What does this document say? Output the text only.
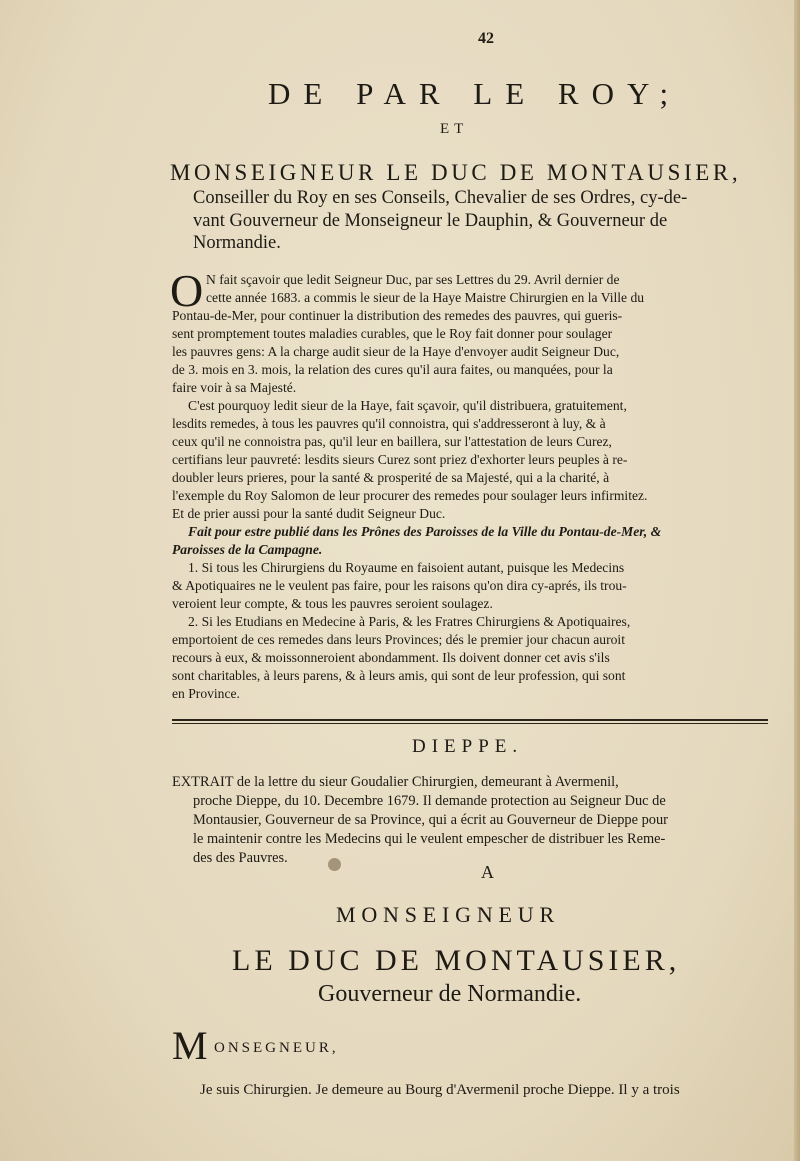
42
DE PAR LE ROY;
ET
MONSEIGNEUR LE DUC DE MONTAUSIER,
Conseiller du Roy en ses Conseils, Chevalier de ses Ordres, cy-de-
vant Gouverneur de Monseigneur le Dauphin, & Gouverneur de
Normandie.
O N fait sçavoir que ledit Seigneur Duc, par ses Lettres du 29. Avril dernier de
cette année 1683. a commis le sieur de la Haye Maistre Chirurgien en la Ville du
Pontau-de-Mer, pour continuer la distribution des remedes des pauvres, qui gueris-
sent promptement toutes maladies curables, que le Roy fait donner pour soulager
les pauvres gens: A la charge audit sieur de la Haye d'envoyer audit Seigneur Duc,
de 3. mois en 3. mois, la relation des cures qu'il aura faites, ou manquées, pour la
faire voir à sa Majesté.
C'est pourquoy ledit sieur de la Haye, fait sçavoir, qu'il distribuera, gratuitement,
lesdits remedes, à tous les pauvres qu'il connoistra, qui s'addresseront à luy, & à
ceux qu'il ne connoistra pas, qu'il leur en baillera, sur l'attestation de leurs Curez,
certifians leur pauvreté: lesdits sieurs Curez sont priez d'exhorter leurs peuples à re-
doubler leurs prieres, pour la santé & prosperité de sa Majesté, qui a la charité, à
l'exemple du Roy Salomon de leur procurer des remedes pour soulager leurs infirmitez.
Et de prier aussi pour la santé dudit Seigneur Duc.
Fait pour estre publié dans les Prônes des Paroisses de la Ville du Pontau-de-Mer, &
Paroisses de la Campagne.
1. Si tous les Chirurgiens du Royaume en faisoient autant, puisque les Medecins
& Apotiquaires ne le veulent pas faire, pour les raisons qu'on dira cy-aprés, ils trou-
veroient leur compte, & tous les pauvres seroient soulagez.
2. Si les Etudians en Medecine à Paris, & les Fratres Chirurgiens & Apotiquaires,
emportoient de ces remedes dans leurs Provinces; dés le premier jour chacun auroit
recours à eux, & moissonneroient abondamment. Ils doivent donner cet avis s'ils
sont charitables, à leurs parens, & à leurs amis, qui sont de leur profession, qui sont
en Province.
DIEPPE.
EXTRAIT de la lettre du sieur Goudalier Chirurgien, demeurant à Avermenil,
proche Dieppe, du 10. Decembre 1679. Il demande protection au Seigneur Duc de
Montausier, Gouverneur de sa Province, qui a écrit au Gouverneur de Dieppe pour
le maintenir contre les Medecins qui le veulent empescher de distribuer les Reme-
des des Pauvres.
A
MONSEIGNEUR
LE DUC DE MONTAUSIER,
Gouverneur de Normandie.
M ONSEGNEUR,
Je suis Chirurgien. Je demeure au Bourg d'Avermenil proche Dieppe. Il y a trois
